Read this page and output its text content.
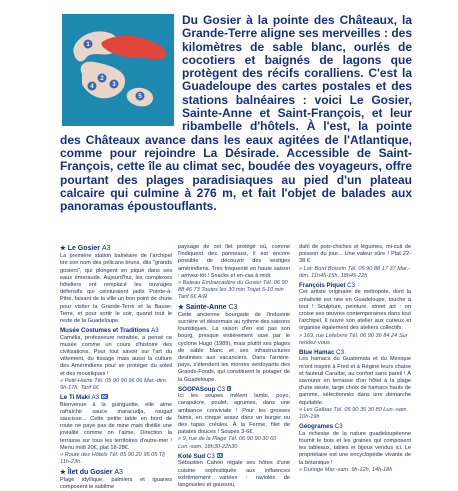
Du Gosier à la pointe des Châteaux, la Grande-Terre aligne ses merveilles : des kilomètres de sable blanc, ourlés de cocotiers et baignés de lagons que protègent des récifs coralliens. C'est la Guadeloupe des cartes postales et des stations balnéaires : voici Le Gosier, Sainte-Anne et Saint-François, et leur ribambelle d'hôtels. À l'est, la pointe des Châteaux avance dans les eaux agitées de l'Atlantique, comme pour rejoindre La Désirade. Accessible de Saint-François, cette île au climat sec, boudée des voyageurs, offre pourtant des plages paradisiaques au pied d'un plateau calcaire qui culmine à 276 m, et fait l'objet de balades aux panoramas époustouflants.

1
2
3
4
5
★ Le Gosier A3
La première station balnéaire de l'archipel tire son nom des pélicans bruns, dits "grands gosiers", qui plongent en piqué dans ses eaux émeraude. Aujourd'hui, les complexes hôteliers ont remplacé les ouvrages défensifs qui ceinturaient jadis Pointe-à-Pitre, faisant de la ville un bon point de chute pour visiter la Grande-Terre et la Basse-Terre, et pour sortir le soir, quand tout le reste de la Guadeloupe.
Musée Costumes et Traditions A3
Camélia, professeure retraitée, a pensé ce musée comme un cours d'histoire des civilisations. Pour tout savoir sur l'art du vêtement, du tissage mais aussi la culture des Amérindiens pour se protéger du soleil et des moustiques !
» Petit-Havre Tél. 05 90 90 96 06 Mar.-dim. 9h-17h. Tarif 6€
Le Ti Maki A3 €€
Bienvenue à la guinguette, elle aime rafraîchir sauce maracudja, rougail saucisse... Cette petite table en bord de route ne paye pas de mine mais distille une jovialité comme on l'aime. Direction la terrasse sur tous les territoires d'outre-mer ! Menu midi 20€, plat 18-28€.
» Route des Hôtels Tél. 05 90 20 95 05 Tlj 11h-23h.
★ Îlet du Gosier A3
Plage idyllique, palmiers et iguanes composent le sublime
paysage de cet îlet protégé où, comme l'indiquent des panneaux, il est encore possible de découvrir des vestiges amérindiens. Très fréquenté en haute saison : arrivez-tôt ! Snacks et en-cas à midi.
» Bateau Embarcadère du Gosier Tél. 06 90 88 46 73 Toutes les 30 min Trajet 5-10 min Tarif 6€ A/R
★ Sainte-Anne C3
Cette ancienne bourgade de l'industrie sucrière vit désormais au rythme des saisons touristiques. La raison d'en est pas son bourg, presque entièrement rasé par le cyclone Hugo (1989), mais plutôt ses plages de sable blanc et ses infrastructures destinées aux vacanciers. Dans l'arrière-pays, s'étendent les mornes verdoyants des Grands-Fonds, qui constituent le potager de la Guadeloupe.
SOOPASoup C3 €
Ici les soupes mêlent lambi, poyo, carapulcre, poulet, agrumes, dans une ambiance conviviale ! Pour les grosses faims, en cinque assez dans un burger ou des tapas créoles. À la Ferme, filet de patates douces ! Soupes 3-6€.
» 9, rue de la Plage Tél. 06 90 90 30 60 Lun.-sam. 18h30-22h30
Koté Sud C3 €€
Sébastien Cahon régale ses hôtes d'une cuisine sophistiquée aux influences extrêmement variées : raviolés de langoustes et goussou,
dahl de pois-chiches et légumes, mi-cuit de poisson du jour... Une valeur sûre ! Plat 22-38 €.
» Lot. Bord Boisvin Tél. 05 90 88 17 37 Mar.-dim. 11h45-15h, 18h45-22h
François Piquet C3
Cet artiste originaire de métropole, dont la créativité est née en Guadeloupe, touche à tout ! Sculpture, peinture, street art : on croise ses œuvres contemporaines dans tout l'archipel. Il ouvre son atelier aux curieux et organise également des ateliers collectifs.
» 169, rue Lefebvre Tél. 06 90 36 84 24 Sur rendez-vous
Blue Hamac C3
Les hamacs du Guatemala et du Mexique m'ont inspiré à Fred et à Régine leurs chaise et fauteuil Caraïbe, au confort sans pareil ! À savourer en terrasse d'un hôtel à la plage d'une sieste, large choix de hamacs hauts de gamme, sélectionnés dans une démarche équitable.
» Les Galbas Tél. 05 90 35 30 80 Lun.-sam. 10h-19h
Géogrames C3
La richesse de la nature guadeloupéenne fournit le bois et les graines qui composent les tableaux, tables et bijoux vendus ici. Le propriétaire est une encyclopédie vivante de la botanique !
» Duringe Mar.-sam. 9h-12h, 14h-18h
